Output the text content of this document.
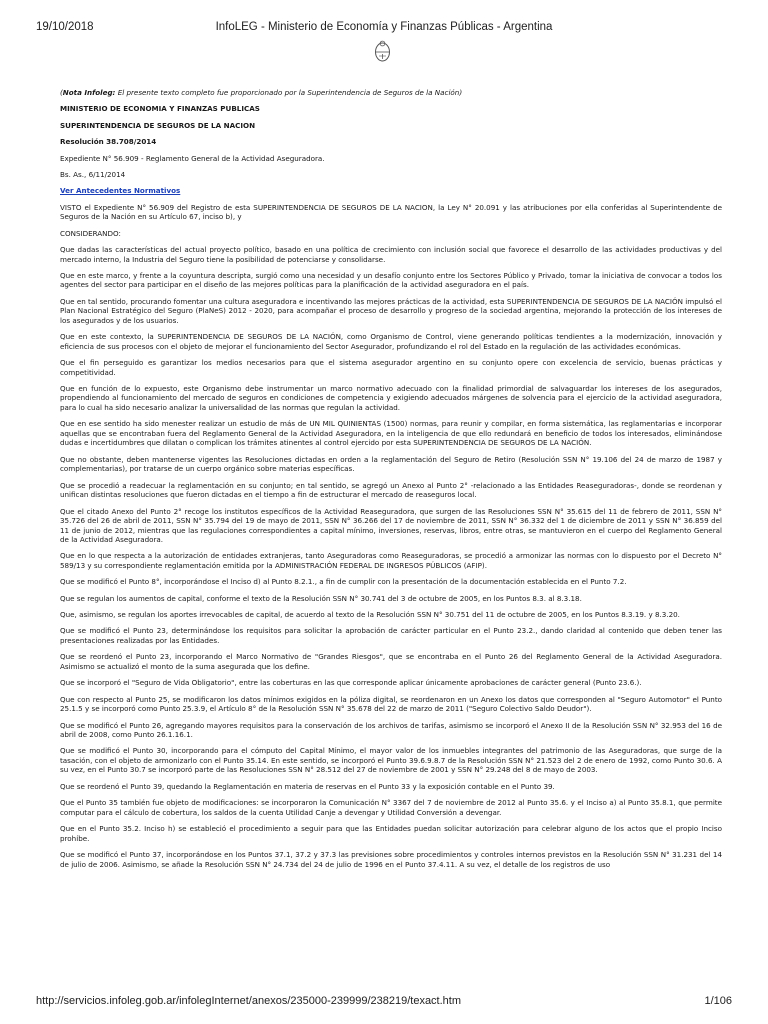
19/10/2018	InfoLEG - Ministerio de Economía y Finanzas Públicas - Argentina

(Nota Infoleg: El presente texto completo fue proporcionado por la Superintendencia de Seguros de la Nación)

MINISTERIO DE ECONOMIA Y FINANZAS PUBLICAS

SUPERINTENDENCIA DE SEGUROS DE LA NACION

Resolución 38.708/2014

Expediente N° 56.909 - Reglamento General de la Actividad Aseguradora.

Bs. As., 6/11/2014

Ver Antecedentes Normativos

VISTO el Expediente N° 56.909 del Registro de esta SUPERINTENDENCIA DE SEGUROS DE LA NACION, la Ley N° 20.091 y las atribuciones por ella conferidas al Superintendente de Seguros de la Nación en su Artículo 67, inciso b), y

CONSIDERANDO:

Que dadas las características del actual proyecto político, basado en una política de crecimiento con inclusión social que favorece el desarrollo de las actividades productivas y del mercado interno, la Industria del Seguro tiene la posibilidad de potenciarse y consolidarse.

Que en este marco, y frente a la coyuntura descripta, surgió como una necesidad y un desafío conjunto entre los Sectores Público y Privado, tomar la iniciativa de convocar a todos los agentes del sector para participar en el diseño de las mejores políticas para la planificación de la actividad aseguradora en el país.

Que en tal sentido, procurando fomentar una cultura aseguradora e incentivando las mejores prácticas de la actividad, esta SUPERINTENDENCIA DE SEGUROS DE LA NACIÓN impulsó el Plan Nacional Estratégico del Seguro (PlaNeS) 2012 - 2020, para acompañar el proceso de desarrollo y progreso de la sociedad argentina, mejorando la protección de los intereses de los asegurados y de los usuarios.

Que en este contexto, la SUPERINTENDENCIA DE SEGUROS DE LA NACIÓN, como Organismo de Control, viene generando políticas tendientes a la modernización, innovación y eficiencia de sus procesos con el objeto de mejorar el funcionamiento del Sector Asegurador, profundizando el rol del Estado en la regulación de las actividades económicas.

Que el fin perseguido es garantizar los medios necesarios para que el sistema asegurador argentino en su conjunto opere con excelencia de servicio, buenas prácticas y competitividad.

Que en función de lo expuesto, este Organismo debe instrumentar un marco normativo adecuado con la finalidad primordial de salvaguardar los intereses de los asegurados, propendiendo al funcionamiento del mercado de seguros en condiciones de competencia y exigiendo adecuados márgenes de solvencia para el ejercicio de la actividad aseguradora, para lo cual ha sido necesario analizar la universalidad de las normas que regulan la actividad.

Que en ese sentido ha sido menester realizar un estudio de más de UN MIL QUINIENTAS (1500) normas, para reunir y compilar, en forma sistemática, las reglamentarias e incorporar aquellas que se encontraban fuera del Reglamento General de la Actividad Aseguradora, en la inteligencia de que ello redundará en beneficio de todos los interesados, eliminándose dudas e incertidumbres que dilatan o complican los trámites atinentes al control ejercido por esta SUPERINTENDENCIA DE SEGUROS DE LA NACIÓN.

Que no obstante, deben mantenerse vigentes las Resoluciones dictadas en orden a la reglamentación del Seguro de Retiro (Resolución SSN N° 19.106 del 24 de marzo de 1987 y complementarias), por tratarse de un cuerpo orgánico sobre materias específicas.

Que se procedió a readecuar la reglamentación en su conjunto; en tal sentido, se agregó un Anexo al Punto 2° -relacionado a las Entidades Reaseguradoras-, donde se reordenan y unifican distintas resoluciones que fueron dictadas en el tiempo a fin de estructurar el mercado de reaseguros local.

Que el citado Anexo del Punto 2° recoge los institutos específicos de la Actividad Reaseguradora, que surgen de las Resoluciones SSN N° 35.615 del 11 de febrero de 2011, SSN N° 35.726 del 26 de abril de 2011, SSN N° 35.794 del 19 de mayo de 2011, SSN N° 36.266 del 17 de noviembre de 2011, SSN N° 36.332 del 1 de diciembre de 2011 y SSN N° 36.859 del 11 de junio de 2012, mientras que las regulaciones correspondientes a capital mínimo, inversiones, reservas, libros, entre otras, se mantuvieron en el cuerpo del Reglamento General de la Actividad Aseguradora.

Que en lo que respecta a la autorización de entidades extranjeras, tanto Aseguradoras como Reaseguradoras, se procedió a armonizar las normas con lo dispuesto por el Decreto N° 589/13 y su correspondiente reglamentación emitida por la ADMINISTRACIÓN FEDERAL DE INGRESOS PÚBLICOS (AFIP).

Que se modificó el Punto 8°, incorporándose el Inciso d) al Punto 8.2.1., a fin de cumplir con la presentación de la documentación establecida en el Punto 7.2.

Que se regulan los aumentos de capital, conforme el texto de la Resolución SSN N° 30.741 del 3 de octubre de 2005, en los Puntos 8.3. al 8.3.18.

Que, asimismo, se regulan los aportes irrevocables de capital, de acuerdo al texto de la Resolución SSN N° 30.751 del 11 de octubre de 2005, en los Puntos 8.3.19. y 8.3.20.

Que se modificó el Punto 23, determinándose los requisitos para solicitar la aprobación de carácter particular en el Punto 23.2., dando claridad al contenido que deben tener las presentaciones realizadas por las Entidades.

Que se reordenó el Punto 23, incorporando el Marco Normativo de "Grandes Riesgos", que se encontraba en el Punto 26 del Reglamento General de la Actividad Aseguradora. Asimismo se actualizó el monto de la suma asegurada que los define.

Que se incorporó el "Seguro de Vida Obligatorio", entre las coberturas en las que corresponde aplicar únicamente aprobaciones de carácter general (Punto 23.6.).

Que con respecto al Punto 25, se modificaron los datos mínimos exigidos en la póliza digital, se reordenaron en un Anexo los datos que corresponden al "Seguro Automotor" el Punto 25.1.5 y se incorporó como Punto 25.3.9, el Artículo 8° de la Resolución SSN N° 35.678 del 22 de marzo de 2011 ("Seguro Colectivo Saldo Deudor").

Que se modificó el Punto 26, agregando mayores requisitos para la conservación de los archivos de tarifas, asimismo se incorporó el Anexo II de la Resolución SSN N° 32.953 del 16 de abril de 2008, como Punto 26.1.16.1.

Que se modificó el Punto 30, incorporando para el cómputo del Capital Mínimo, el mayor valor de los inmuebles integrantes del patrimonio de las Aseguradoras, que surge de la tasación, con el objeto de armonizarlo con el Punto 35.14. En este sentido, se incorporó el Punto 39.6.9.8.7 de la Resolución SSN N° 21.523 del 2 de enero de 1992, como Punto 30.6. A su vez, en el Punto 30.7 se incorporó parte de las Resoluciones SSN N° 28.512 del 27 de noviembre de 2001 y SSN N° 29.248 del 8 de mayo de 2003.

Que se reordenó el Punto 39, quedando la Reglamentación en materia de reservas en el Punto 33 y la exposición contable en el Punto 39.

Que el Punto 35 también fue objeto de modificaciones: se incorporaron la Comunicación N° 3367 del 7 de noviembre de 2012 al Punto 35.6. y el Inciso a) al Punto 35.8.1, que permite computar para el cálculo de cobertura, los saldos de la cuenta Utilidad Canje a devengar y Utilidad Conversión a devengar.

Que en el Punto 35.2. Inciso h) se estableció el procedimiento a seguir para que las Entidades puedan solicitar autorización para celebrar alguno de los actos que el propio Inciso prohíbe.

Que se modificó el Punto 37, incorporándose en los Puntos 37.1, 37.2 y 37.3 las previsiones sobre procedimientos y controles internos previstos en la Resolución SSN N° 31.231 del 14 de julio de 2006. Asimismo, se añade la Resolución SSN N° 24.734 del 24 de julio de 1996 en el Punto 37.4.11. A su vez, el detalle de los registros de uso

http://servicios.infoleg.gob.ar/infolegInternet/anexos/235000-239999/238219/texact.htm	1/106
